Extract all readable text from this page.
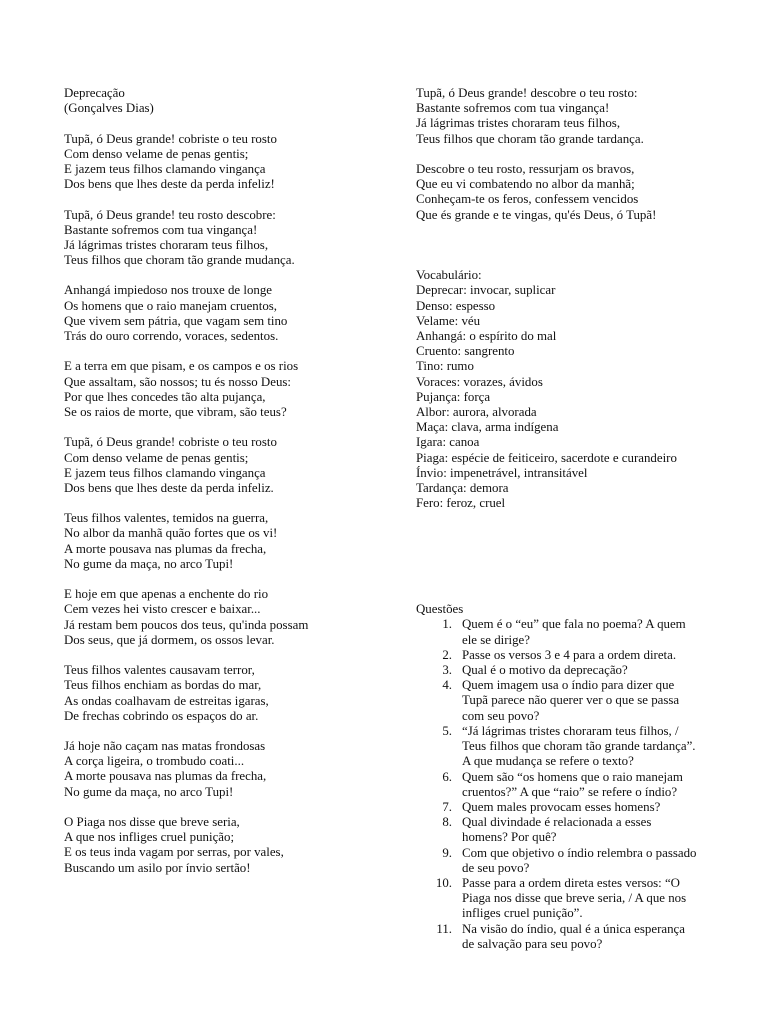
Deprecação
(Gonçalves Dias)
Tupã, ó Deus grande! cobriste o teu rosto
Com denso velame de penas gentis;
E jazem teus filhos clamando vingança
Dos bens que lhes deste da perda infeliz!
Tupã, ó Deus grande! teu rosto descobre:
Bastante sofremos com tua vingança!
Já lágrimas tristes choraram teus filhos,
Teus filhos que choram tão grande mudança.
Anhangá impiedoso nos trouxe de longe
Os homens que o raio manejam cruentos,
Que vivem sem pátria, que vagam sem tino
Trás do ouro correndo, voraces, sedentos.
E a terra em que pisam, e os campos e os rios
Que assaltam, são nossos; tu és nosso Deus:
Por que lhes concedes tão alta pujança,
Se os raios de morte, que vibram, são teus?
Tupã, ó Deus grande! cobriste o teu rosto
Com denso velame de penas gentis;
E jazem teus filhos clamando vingança
Dos bens que lhes deste da perda infeliz.
Teus filhos valentes, temidos na guerra,
No albor da manhã quão fortes que os vi!
A morte pousava nas plumas da frecha,
No gume da maça, no arco Tupi!
E hoje em que apenas a enchente do rio
Cem vezes hei visto crescer e baixar...
Já restam bem poucos dos teus, qu'inda possam
Dos seus, que já dormem, os ossos levar.
Teus filhos valentes causavam terror,
Teus filhos enchiam as bordas do mar,
As ondas coalhavam de estreitas igaras,
De frechas cobrindo os espaços do ar.
Já hoje não caçam nas matas frondosas
A corça ligeira, o trombudo coati...
A morte pousava nas plumas da frecha,
No gume da maça, no arco Tupi!
O Piaga nos disse que breve seria,
A que nos infliges cruel punição;
E os teus inda vagam por serras, por vales,
Buscando um asilo por ínvio sertão!
Tupã, ó Deus grande! descobre o teu rosto:
Bastante sofremos com tua vingança!
Já lágrimas tristes choraram teus filhos,
Teus filhos que choram tão grande tardança.
Descobre o teu rosto, ressurjam os bravos,
Que eu vi combatendo no albor da manhã;
Conheçam-te os feros, confessem vencidos
Que és grande e te vingas, qu'és Deus, ó Tupã!
Vocabulário:
Deprecar: invocar, suplicar
Denso: espesso
Velame: véu
Anhangá: o espírito do mal
Cruento: sangrento
Tino: rumo
Voraces: vorazes, ávidos
Pujança: força
Albor: aurora, alvorada
Maça: clava, arma indígena
Igara: canoa
Piaga: espécie de feiticeiro, sacerdote e curandeiro
Ínvio: impenetrável, intransitável
Tardança: demora
Fero: feroz, cruel
Questões
1. Quem é o “eu” que fala no poema? A quem
ele se dirige?
2. Passe os versos 3 e 4 para a ordem direta.
3. Qual é o motivo da deprecação?
4. Quem imagem usa o índio para dizer que
Tupã parece não querer ver o que se passa
com seu povo?
5. “Já lágrimas tristes choraram teus filhos, /
Teus filhos que choram tão grande tardança”.
A que mudança se refere o texto?
6. Quem são “os homens que o raio manejam
cruentos?” A que “raio” se refere o índio?
7. Quem males provocam esses homens?
8. Qual divindade é relacionada a esses
homens? Por quê?
9. Com que objetivo o índio relembra o passado
de seu povo?
10. Passe para a ordem direta estes versos: “O
Piaga nos disse que breve seria, / A que nos
infliges cruel punição”.
11. Na visão do índio, qual é a única esperança
de salvação para seu povo?
